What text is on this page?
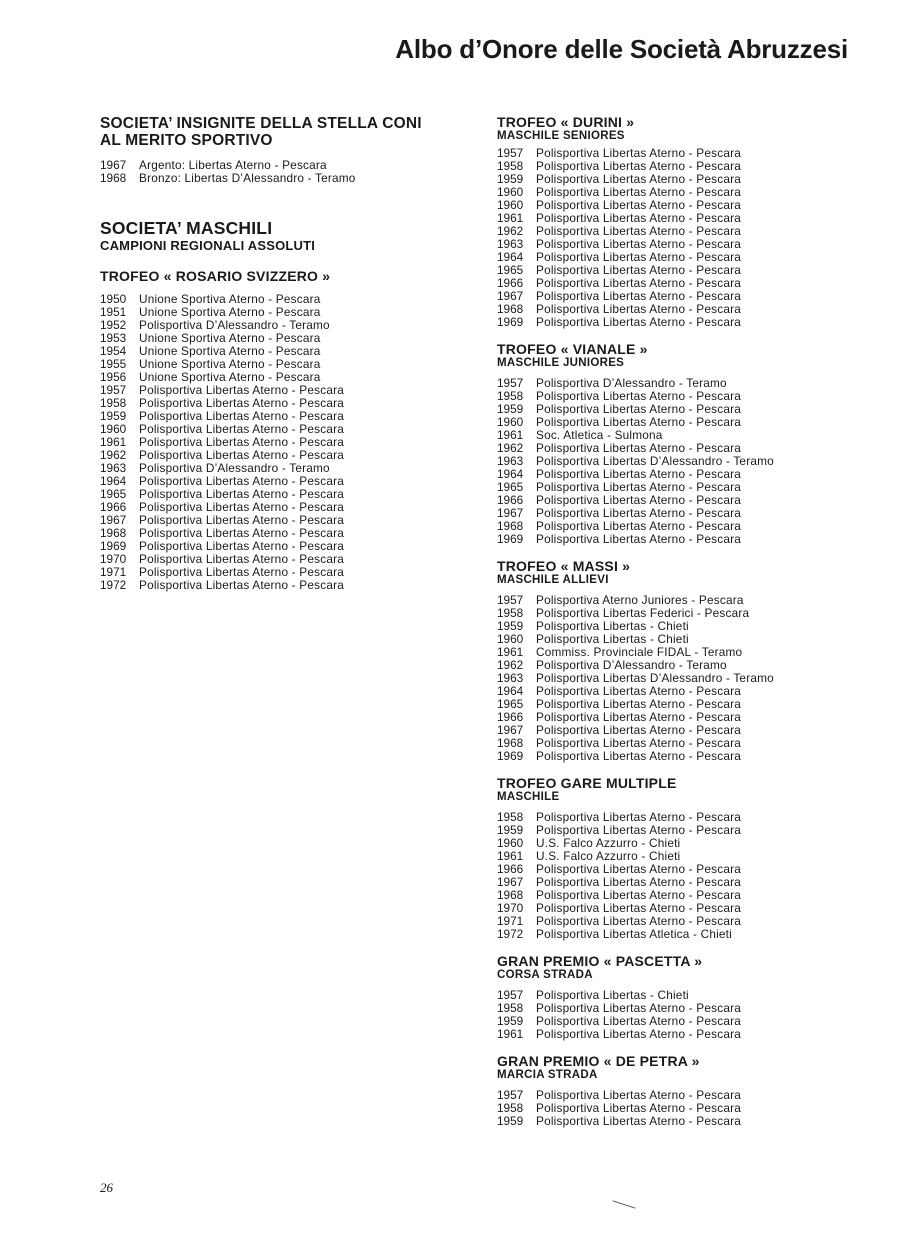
Albo d’Onore delle Società Abruzzesi
SOCIETA’ INSIGNITE DELLA STELLA CONI
AL MERITO SPORTIVO
1967	Argento: Libertas Aterno - Pescara
1968	Bronzo: Libertas D’Alessandro - Teramo
SOCIETA’ MASCHILI
CAMPIONI REGIONALI ASSOLUTI
TROFEO « ROSARIO SVIZZERO »
1950	Unione Sportiva Aterno - Pescara
1951	Unione Sportiva Aterno - Pescara
1952	Polisportiva D’Alessandro - Teramo
1953	Unione Sportiva Aterno - Pescara
1954	Unione Sportiva Aterno - Pescara
1955	Unione Sportiva Aterno - Pescara
1956	Unione Sportiva Aterno - Pescara
1957	Polisportiva Libertas Aterno - Pescara
1958	Polisportiva Libertas Aterno - Pescara
1959	Polisportiva Libertas Aterno - Pescara
1960	Polisportiva Libertas Aterno - Pescara
1961	Polisportiva Libertas Aterno - Pescara
1962	Polisportiva Libertas Aterno - Pescara
1963	Polisportiva D’Alessandro - Teramo
1964	Polisportiva Libertas Aterno - Pescara
1965	Polisportiva Libertas Aterno - Pescara
1966	Polisportiva Libertas Aterno - Pescara
1967	Polisportiva Libertas Aterno - Pescara
1968	Polisportiva Libertas Aterno - Pescara
1969	Polisportiva Libertas Aterno - Pescara
1970	Polisportiva Libertas Aterno - Pescara
1971	Polisportiva Libertas Aterno - Pescara
1972	Polisportiva Libertas Aterno - Pescara
TROFEO « DURINI »
MASCHILE SENIORES
1957	Polisportiva Libertas Aterno - Pescara
1958	Polisportiva Libertas Aterno - Pescara
1959	Polisportiva Libertas Aterno - Pescara
1960	Polisportiva Libertas Aterno - Pescara
1960	Polisportiva Libertas Aterno - Pescara
1961	Polisportiva Libertas Aterno - Pescara
1962	Polisportiva Libertas Aterno - Pescara
1963	Polisportiva Libertas Aterno - Pescara
1964	Polisportiva Libertas Aterno - Pescara
1965	Polisportiva Libertas Aterno - Pescara
1966	Polisportiva Libertas Aterno - Pescara
1967	Polisportiva Libertas Aterno - Pescara
1968	Polisportiva Libertas Aterno - Pescara
1969	Polisportiva Libertas Aterno - Pescara
TROFEO « VIANALE »
MASCHILE JUNIORES
1957	Polisportiva D’Alessandro - Teramo
1958	Polisportiva Libertas Aterno - Pescara
1959	Polisportiva Libertas Aterno - Pescara
1960	Polisportiva Libertas Aterno - Pescara
1961	Soc. Atletica - Sulmona
1962	Polisportiva Libertas Aterno - Pescara
1963	Polisportiva Libertas D’Alessandro - Teramo
1964	Polisportiva Libertas Aterno - Pescara
1965	Polisportiva Libertas Aterno - Pescara
1966	Polisportiva Libertas Aterno - Pescara
1967	Polisportiva Libertas Aterno - Pescara
1968	Polisportiva Libertas Aterno - Pescara
1969	Polisportiva Libertas Aterno - Pescara
TROFEO « MASSI »
MASCHILE ALLIEVI
1957	Polisportiva Aterno Juniores - Pescara
1958	Polisportiva Libertas Federici - Pescara
1959	Polisportiva Libertas - Chieti
1960	Polisportiva Libertas - Chieti
1961	Commiss. Provinciale FIDAL - Teramo
1962	Polisportiva D’Alessandro - Teramo
1963	Polisportiva Libertas D’Alessandro - Teramo
1964	Polisportiva Libertas Aterno - Pescara
1965	Polisportiva Libertas Aterno - Pescara
1966	Polisportiva Libertas Aterno - Pescara
1967	Polisportiva Libertas Aterno - Pescara
1968	Polisportiva Libertas Aterno - Pescara
1969	Polisportiva Libertas Aterno - Pescara
TROFEO GARE MULTIPLE
MASCHILE
1958	Polisportiva Libertas Aterno - Pescara
1959	Polisportiva Libertas Aterno - Pescara
1960	U.S. Falco Azzurro - Chieti
1961	U.S. Falco Azzurro - Chieti
1966	Polisportiva Libertas Aterno - Pescara
1967	Polisportiva Libertas Aterno - Pescara
1968	Polisportiva Libertas Aterno - Pescara
1970	Polisportiva Libertas Aterno - Pescara
1971	Polisportiva Libertas Aterno - Pescara
1972	Polisportiva Libertas Atletica - Chieti
GRAN PREMIO « PASCETTA »
CORSA STRADA
1957	Polisportiva Libertas - Chieti
1958	Polisportiva Libertas Aterno - Pescara
1959	Polisportiva Libertas Aterno - Pescara
1961	Polisportiva Libertas Aterno - Pescara
GRAN PREMIO « DE PETRA »
MARCIA STRADA
1957	Polisportiva Libertas Aterno - Pescara
1958	Polisportiva Libertas Aterno - Pescara
1959	Polisportiva Libertas Aterno - Pescara
26
